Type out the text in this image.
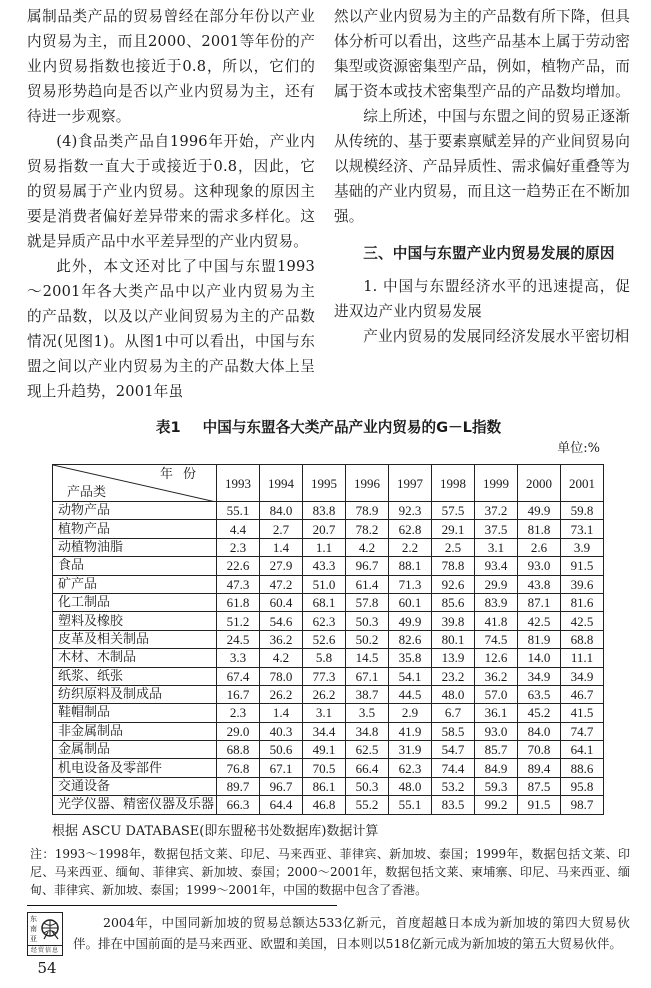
属制品类产品的贸易曾经在部分年份以产业内贸易为主，而且2000、2001等年份的产业内贸易指数也接近于0.8，所以，它们的贸易形势趋向是否以产业内贸易为主，还有待进一步观察。

(4)食品类产品自1996年开始，产业内贸易指数一直大于或接近于0.8，因此，它的贸易属于产业内贸易。这种现象的原因主要是消费者偏好差异带来的需求多样化。这就是异质产品中水平差异型的产业内贸易。

此外，本文还对比了中国与东盟1993～2001年各大类产品中以产业内贸易为主的产品数，以及以产业间贸易为主的产品数情况(见图1)。从图1中可以看出，中国与东盟之间以产业内贸易为主的产品数大体上呈现上升趋势，2001年虽

然以产业内贸易为主的产品数有所下降，但具体分析可以看出，这些产品基本上属于劳动密集型或资源密集型产品，例如，植物产品，而属于资本或技术密集型产品的产品数均增加。

综上所述，中国与东盟之间的贸易正逐渐从传统的、基于要素禀赋差异的产业间贸易向以规模经济、产品异质性、需求偏好重叠等为基础的产业内贸易，而且这一趋势正在不断加强。

三、中国与东盟产业内贸易发展的原因

1. 中国与东盟经济水平的迅速提高，促进双边产业内贸易发展

产业内贸易的发展同经济发展水平密切相

表1 中国与东盟各大类产品产业内贸易的G－L指数
单位:%
年份
产品类	1993	1994	1995	1996	1997	1998	1999	2000	2001
动物产品	55.1	84.0	83.8	78.9	92.3	57.5	37.2	49.9	59.8
植物产品	4.4	2.7	20.7	78.2	62.8	29.1	37.5	81.8	73.1
动植物油脂	2.3	1.4	1.1	4.2	2.2	2.5	3.1	2.6	3.9
食品	22.6	27.9	43.3	96.7	88.1	78.8	93.4	93.0	91.5
矿产品	47.3	47.2	51.0	61.4	71.3	92.6	29.9	43.8	39.6
化工制品	61.8	60.4	68.1	57.8	60.1	85.6	83.9	87.1	81.6
塑料及橡胶	51.2	54.6	62.3	50.3	49.9	39.8	41.8	42.5	42.5
皮革及相关制品	24.5	36.2	52.6	50.2	82.6	80.1	74.5	81.9	68.8
木材、木制品	3.3	4.2	5.8	14.5	35.8	13.9	12.6	14.0	11.1
纸浆、纸张	67.4	78.0	77.3	67.1	54.1	23.2	36.2	34.9	34.9
纺织原料及制成品	16.7	26.2	26.2	38.7	44.5	48.0	57.0	63.5	46.7
鞋帽制品	2.3	1.4	3.1	3.5	2.9	6.7	36.1	45.2	41.5
非金属制品	29.0	40.3	34.4	34.8	41.9	58.5	93.0	84.0	74.7
金属制品	68.8	50.6	49.1	62.5	31.9	54.7	85.7	70.8	64.1
机电设备及零部件	76.8	67.1	70.5	66.4	62.3	74.4	84.9	89.4	88.6
交通设备	89.7	96.7	86.1	50.3	48.0	53.2	59.3	87.5	95.8
光学仪器、精密仪器及乐器	66.3	64.4	46.8	55.2	55.1	83.5	99.2	91.5	98.7
根据 ASCU DATABASE(即东盟秘书处数据库)数据计算
注：1993～1998年，数据包括文莱、印尼、马来西亚、菲律宾、新加坡、泰国；1999年，数据包括文莱、印尼、马来西亚、缅甸、菲律宾、新加坡、泰国；2000～2001年，数据包括文莱、柬埔寨、印尼、马来西亚、缅甸、菲律宾、新加坡、泰国；1999～2001年，中国的数据中包含了香港。
东南亚
经贸信息
54
2004年，中国同新加坡的贸易总额达533亿新元，首度超越日本成为新加坡的第四大贸易伙伴。排在中国前面的是马来西亚、欧盟和美国，日本则以518亿新元成为新加坡的第五大贸易伙伴。
